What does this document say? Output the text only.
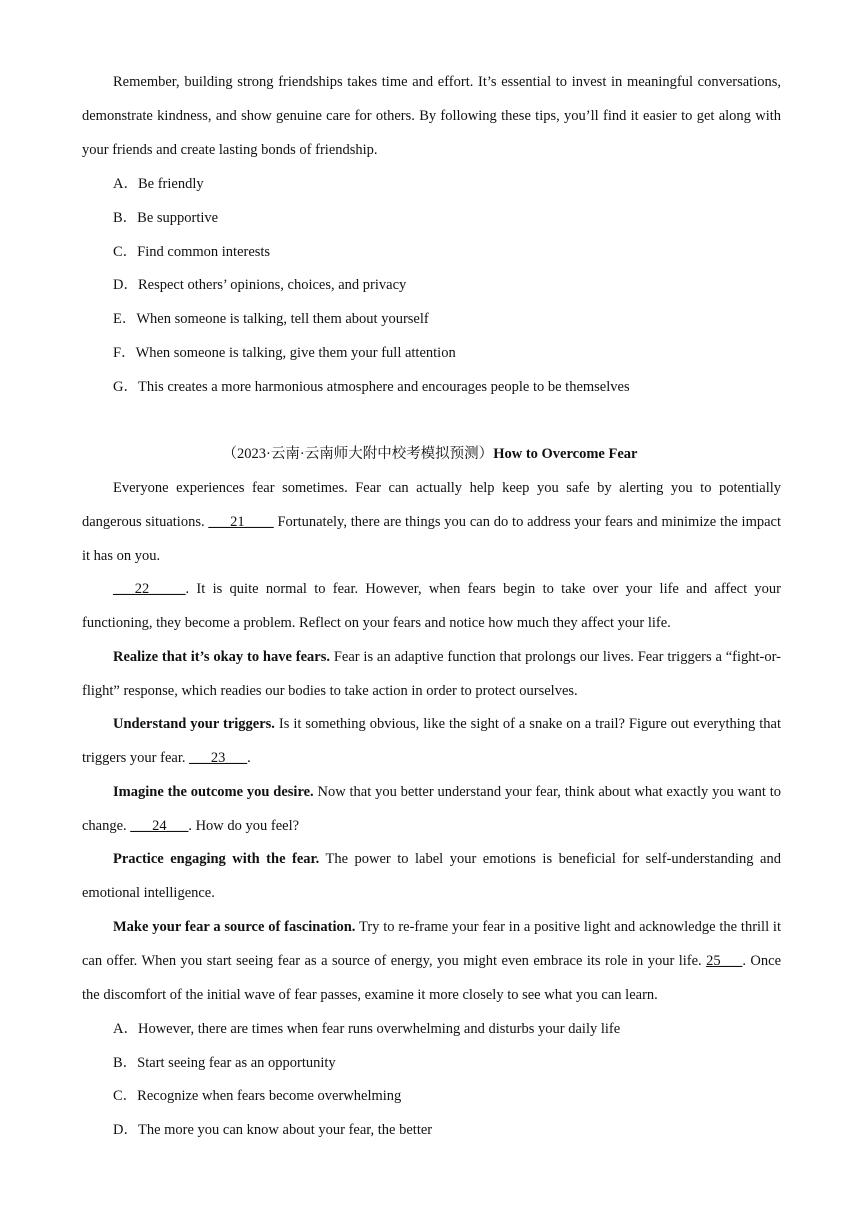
Remember, building strong friendships takes time and effort. It’s essential to invest in meaningful conversations, demonstrate kindness, and show genuine care for others. By following these tips, you’ll find it easier to get along with your friends and create lasting bonds of friendship.

A．Be friendly

B．Be supportive

C．Find common interests

D．Respect others’ opinions, choices, and privacy

E．When someone is talking, tell them about yourself

F．When someone is talking, give them your full attention

G．This creates a more harmonious atmosphere and encourages people to be themselves

（2023·云南·云南师大附中校考模拟预测）How to Overcome Fear

Everyone experiences fear sometimes. Fear can actually help keep you safe by alerting you to potentially dangerous situations. ___21____ Fortunately, there are things you can do to address your fears and minimize the impact it has on you.

___22_____. It is quite normal to fear. However, when fears begin to take over your life and affect your functioning, they become a problem. Reflect on your fears and notice how much they affect your life.

Realize that it’s okay to have fears. Fear is an adaptive function that prolongs our lives. Fear triggers a “fight-or-flight” response, which readies our bodies to take action in order to protect ourselves.

Understand your triggers. Is it something obvious, like the sight of a snake on a trail? Figure out everything that triggers your fear. ___23___.

Imagine the outcome you desire. Now that you better understand your fear, think about what exactly you want to change. ___24___. How do you feel?

Practice engaging with the fear. The power to label your emotions is beneficial for self-understanding and emotional intelligence.

Make your fear a source of fascination. Try to re-frame your fear in a positive light and acknowledge the thrill it can offer. When you start seeing fear as a source of energy, you might even embrace its role in your life. 25___. Once the discomfort of the initial wave of fear passes, examine it more closely to see what you can learn.

A．However, there are times when fear runs overwhelming and disturbs your daily life

B．Start seeing fear as an opportunity

C．Recognize when fears become overwhelming

D．The more you can know about your fear, the better
